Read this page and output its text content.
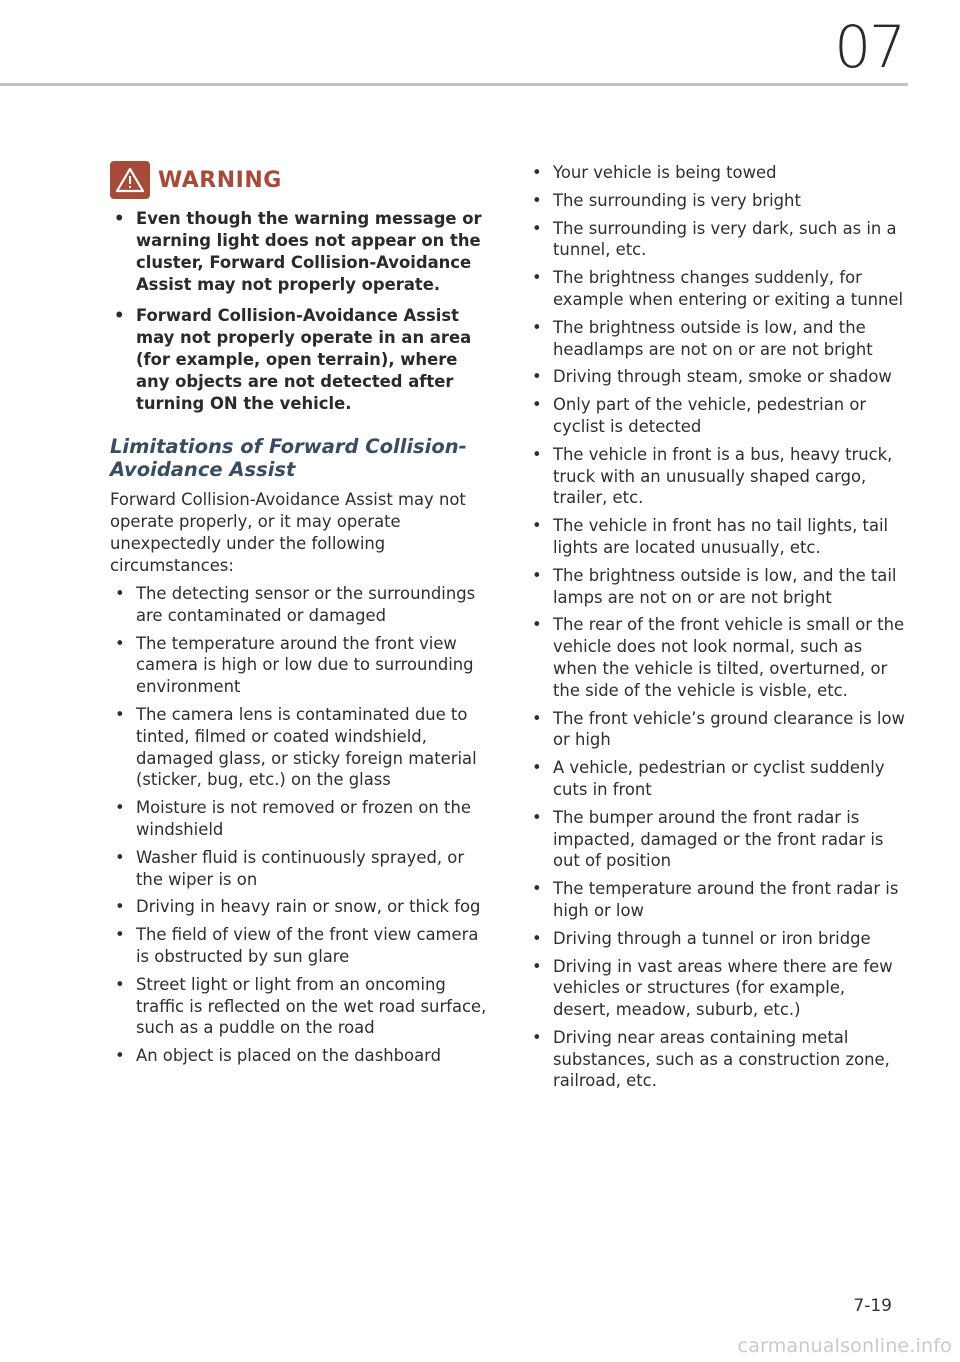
07
WARNING
• Even though the warning message or warning light does not appear on the cluster, Forward Collision-Avoidance Assist may not properly operate.
• Forward Collision-Avoidance Assist may not properly operate in an area (for example, open terrain), where any objects are not detected after turning ON the vehicle.
Limitations of Forward Collision-Avoidance Assist

Forward Collision-Avoidance Assist may not operate properly, or it may operate unexpectedly under the following circumstances:

• The detecting sensor or the surroundings are contaminated or damaged
• The temperature around the front view camera is high or low due to surrounding environment
• The camera lens is contaminated due to tinted, filmed or coated windshield, damaged glass, or sticky foreign material (sticker, bug, etc.) on the glass
• Moisture is not removed or frozen on the windshield
• Washer fluid is continuously sprayed, or the wiper is on
• Driving in heavy rain or snow, or thick fog
• The field of view of the front view camera is obstructed by sun glare
• Street light or light from an oncoming traffic is reflected on the wet road surface, such as a puddle on the road
• An object is placed on the dashboard
• Your vehicle is being towed
• The surrounding is very bright
• The surrounding is very dark, such as in a tunnel, etc.
• The brightness changes suddenly, for example when entering or exiting a tunnel
• The brightness outside is low, and the headlamps are not on or are not bright
• Driving through steam, smoke or shadow
• Only part of the vehicle, pedestrian or cyclist is detected
• The vehicle in front is a bus, heavy truck, truck with an unusually shaped cargo, trailer, etc.
• The vehicle in front has no tail lights, tail lights are located unusually, etc.
• The brightness outside is low, and the tail lamps are not on or are not bright
• The rear of the front vehicle is small or the vehicle does not look normal, such as when the vehicle is tilted, overturned, or the side of the vehicle is visble, etc.
• The front vehicle’s ground clearance is low or high
• A vehicle, pedestrian or cyclist suddenly cuts in front
• The bumper around the front radar is impacted, damaged or the front radar is out of position
• The temperature around the front radar is high or low
• Driving through a tunnel or iron bridge
• Driving in vast areas where there are few vehicles or structures (for example, desert, meadow, suburb, etc.)
• Driving near areas containing metal substances, such as a construction zone, railroad, etc.
7-19
carmanualsonline.info
